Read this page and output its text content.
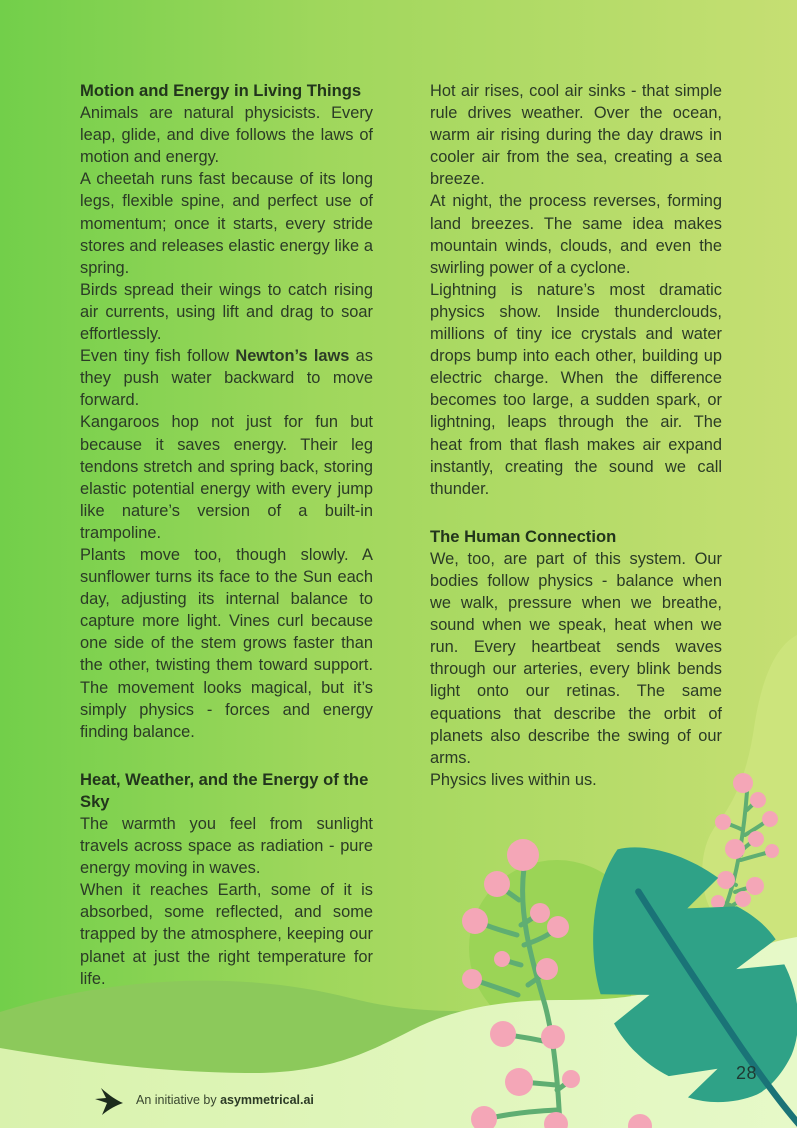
Motion and Energy in Living Things

Animals are natural physicists. Every leap, glide, and dive follows the laws of motion and energy.

A cheetah runs fast because of its long legs, flexible spine, and perfect use of momentum; once it starts, every stride stores and releases elastic energy like a spring.

Birds spread their wings to catch rising air currents, using lift and drag to soar effortlessly.

Even tiny fish follow Newton’s laws as they push water backward to move forward.

Kangaroos hop not just for fun but because it saves energy. Their leg tendons stretch and spring back, storing elastic potential energy with every jump like nature’s version of a built-in trampoline.

Plants move too, though slowly. A sunflower turns its face to the Sun each day, adjusting its internal balance to capture more light. Vines curl because one side of the stem grows faster than the other, twisting them toward support. The movement looks magical, but it’s simply physics - forces and energy finding balance.

Heat, Weather, and the Energy of the Sky

The warmth you feel from sunlight travels across space as radiation - pure energy moving in waves.

When it reaches Earth, some of it is absorbed, some reflected, and some trapped by the atmosphere, keeping our planet at just the right temperature for life.

Hot air rises, cool air sinks - that simple rule drives weather. Over the ocean, warm air rising during the day draws in cooler air from the sea, creating a sea breeze.

At night, the process reverses, forming land breezes. The same idea makes mountain winds, clouds, and even the swirling power of a cyclone.

Lightning is nature’s most dramatic physics show. Inside thunderclouds, millions of tiny ice crystals and water drops bump into each other, building up electric charge. When the difference becomes too large, a sudden spark, or lightning, leaps through the air. The heat from that flash makes air expand instantly, creating the sound we call thunder.

The Human Connection

We, too, are part of this system. Our bodies follow physics - balance when we walk, pressure when we breathe, sound when we speak, heat when we run. Every heartbeat sends waves through our arteries, every blink bends light onto our retinas. The same equations that describe the orbit of planets also describe the swing of our arms.

Physics lives within us.

28
An initiative by asymmetrical.ai
